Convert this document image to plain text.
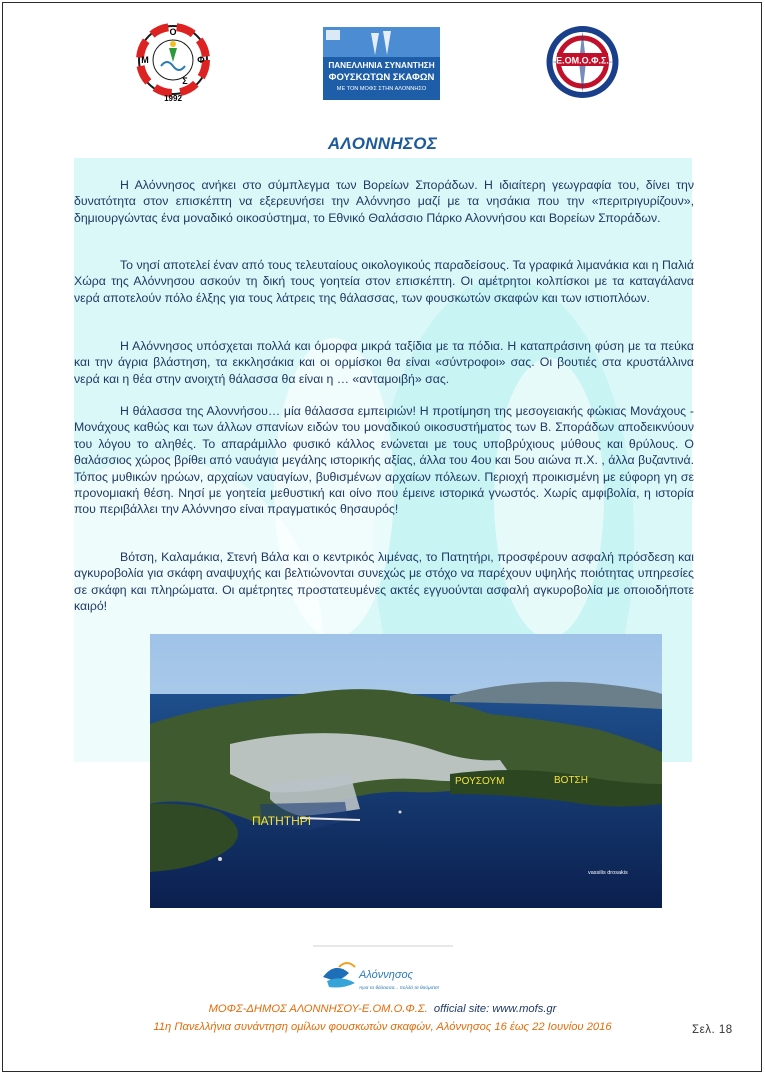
Ο
Μ	Φ
Σ
1992
ΠΑΝΕΛΛΗΝΙΑ ΣΥΝΑΝΤΗΣΗ
ΦΟΥΣΚΩΤΩΝ ΣΚΑΦΩΝ
ΜΕ ΤΟΝ ΜΟΦΣ ΣΤΗΝ ΑΛΟΝΝΗΣΟ
Ε.ΟΜ.Ο.Φ.Σ.
ΑΛΟΝΝΗΣΟΣ

Η Αλόννησος ανήκει στο σύμπλεγμα των Βορείων Σποράδων. Η ιδιαίτερη γεωγραφία του, δίνει την δυνατότητα στον επισκέπτη να εξερευνήσει την Αλόννησο μαζί με τα νησάκια που την «περιτριγυρίζουν», δημιουργώντας ένα μοναδικό οικοσύστημα, το Εθνικό Θαλάσσιο Πάρκο Αλοννήσου και Βορείων Σποράδων.

Το νησί αποτελεί έναν από τους τελευταίους οικολογικούς παραδείσους. Τα γραφικά λιμανάκια και η Παλιά Χώρα της Αλόννησου ασκούν τη δική τους γοητεία στον επισκέπτη. Οι αμέτρητοι κολπίσκοι με τα καταγάλανα νερά αποτελούν πόλο έλξης για τους λάτρεις της θάλασσας, των φουσκωτών σκαφών και των ιστιοπλόων.

Η Αλόννησος υπόσχεται πολλά και όμορφα μικρά ταξίδια με τα πόδια. Η καταπράσινη φύση με τα πεύκα και την άγρια βλάστηση, τα εκκλησάκια και οι ορμίσκοι θα είναι «σύντροφοι» σας. Οι βουτιές στα κρυστάλλινα νερά και η θέα στην ανοιχτή θάλασσα θα είναι η … «ανταμοιβή» σας.

Η θάλασσα της Αλοννήσου… μία θάλασσα εμπειριών! Η προτίμηση της μεσογειακής φώκιας Μονάχους - Μονάχους καθώς και των άλλων σπανίων ειδών του μοναδικού οικοσυστήματος των Β. Σποράδων αποδεικνύουν του λόγου το αληθές. Το απαράμιλλο φυσικό κάλλος ενώνεται με τους υποβρύχιους μύθους και θρύλους. Ο θαλάσσιος χώρος βρίθει από ναυάγια μεγάλης ιστορικής αξίας, άλλα του 4ου και 5ου αιώνα π.Χ. , άλλα βυζαντινά. Τόπος μυθικών ηρώων, αρχαίων ναυαγίων, βυθισμένων αρχαίων πόλεων. Περιοχή προικισμένη με εύφορη γη σε προνομιακή θέση. Νησί με γοητεία μεθυστική και οίνο που έμεινε ιστορικά γνωστός. Χωρίς αμφιβολία, η ιστορία που περιβάλλει την Αλόννησο είναι πραγματικός θησαυρός!

Βότση, Καλαμάκια, Στενή Βάλα και ο κεντρικός λιμένας, το Πατητήρι, προσφέρουν ασφαλή πρόσδεση και αγκυροβολία για σκάφη αναψυχής και βελτιώνονται συνεχώς με στόχο να παρέχουν υψηλής ποιότητας υπηρεσίες σε σκάφη και πληρώματα. Οι αμέτρητες προστατευμένες ακτές εγγυούνται ασφαλή αγκυροβολία με οποιοδήποτε καιρό!

ΠΑΤΗΤΗΡΙ
ΡΟΥΣΟΥΜ	ΒΟΤΣΗ
vassilis drosakis
Αλόννησος
Άγια τα θάλασσα... πολλά τα θαύματα!
ΜΟΦΣ-ΔΗΜΟΣ ΑΛΟΝΝΗΣΟΥ-Ε.ΟΜ.Ο.Φ.Σ. official site: www.mofs.gr
11η Πανελλήνια συνάντηση ομίλων φουσκωτών σκαφών, Αλόννησος 16 έως 22 Ιουνίου 2016	Σελ. 18
